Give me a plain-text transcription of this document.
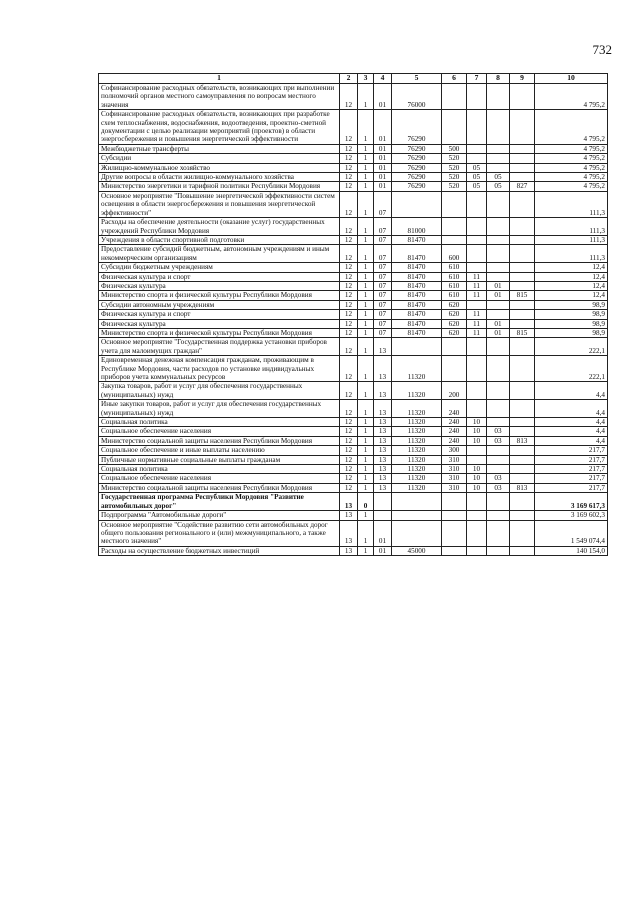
732
1	2	3	4	5	6	7	8	9	10
Софинансирование расходных обязательств, возникающих при выполнении полномочий органов местного самоуправления по вопросам местного значения	12	1	01	76000					4 795,2
Софинансирование расходных обязательств, возникающих при разработке схем теплоснабжения, водоснабжения, водоотведения, проектно-сметной документации с целью реализации мероприятий (проектов) в области энергосбережения и повышения энергетической эффективности	12	1	01	76290					4 795,2
Межбюджетные трансферты	12	1	01	76290	500				4 795,2
Субсидии	12	1	01	76290	520				4 795,2
Жилищно-коммунальное хозяйство	12	1	01	76290	520	05			4 795,2
Другие вопросы в области жилищно-коммунального хозяйства	12	1	01	76290	520	05	05		4 795,2
Министерство энергетики и тарифной политики Республики Мордовия	12	1	01	76290	520	05	05	827	4 795,2
Основное мероприятие "Повышение энергетической эффективности систем освещения в области энергосбережения и повышения энергетической эффективности"	12	1	07						111,3
Расходы на обеспечение деятельности (оказание услуг) государственных учреждений Республики Мордовия	12	1	07	81000					111,3
Учреждения в области спортивной подготовки	12	1	07	81470					111,3
Предоставление субсидий бюджетным, автономным учреждениям и иным некоммерческим организациям	12	1	07	81470	600				111,3
Субсидии бюджетным учреждениям	12	1	07	81470	610				12,4
Физическая культура и спорт	12	1	07	81470	610	11			12,4
Физическая культура	12	1	07	81470	610	11	01		12,4
Министерство спорта и физической культуры Республики Мордовия	12	1	07	81470	610	11	01	815	12,4
Субсидии автономным учреждениям	12	1	07	81470	620				98,9
Физическая культура и спорт	12	1	07	81470	620	11			98,9
Физическая культура	12	1	07	81470	620	11	01		98,9
Министерство спорта и физической культуры Республики Мордовия	12	1	07	81470	620	11	01	815	98,9
Основное мероприятие "Государственная поддержка установки приборов учета для малоимущих граждан"	12	1	13						222,1
Единовременная денежная компенсация гражданам, проживающим в Республике Мордовия, части расходов по установке индивидуальных приборов учета коммунальных ресурсов	12	1	13	11320					222,1
Закупка товаров, работ и услуг для обеспечения государственных (муниципальных) нужд	12	1	13	11320	200				4,4
Иные закупки товаров, работ и услуг для обеспечения государственных (муниципальных) нужд	12	1	13	11320	240				4,4
Социальная политика	12	1	13	11320	240	10			4,4
Социальное обеспечение населения	12	1	13	11320	240	10	03		4,4
Министерство социальной защиты населения Республики Мордовия	12	1	13	11320	240	10	03	813	4,4
Социальное обеспечение и иные выплаты населению	12	1	13	11320	300				217,7
Публичные нормативные социальные выплаты гражданам	12	1	13	11320	310				217,7
Социальная политика	12	1	13	11320	310	10			217,7
Социальное обеспечение населения	12	1	13	11320	310	10	03		217,7
Министерство социальной защиты населения Республики Мордовия	12	1	13	11320	310	10	03	813	217,7
Государственная программа Республики Мордовия "Развитие автомобильных дорог"	13	0							3 169 617,3
Подпрограмма "Автомобильные дороги"	13	1							3 169 602,3
Основное мероприятие "Содействие развитию сети автомобильных дорог общего пользования регионального и (или) межмуниципального, а также местного значения"	13	1	01						1 549 074,4
Расходы на осуществление бюджетных инвестиций	13	1	01	45000					140 154,0
